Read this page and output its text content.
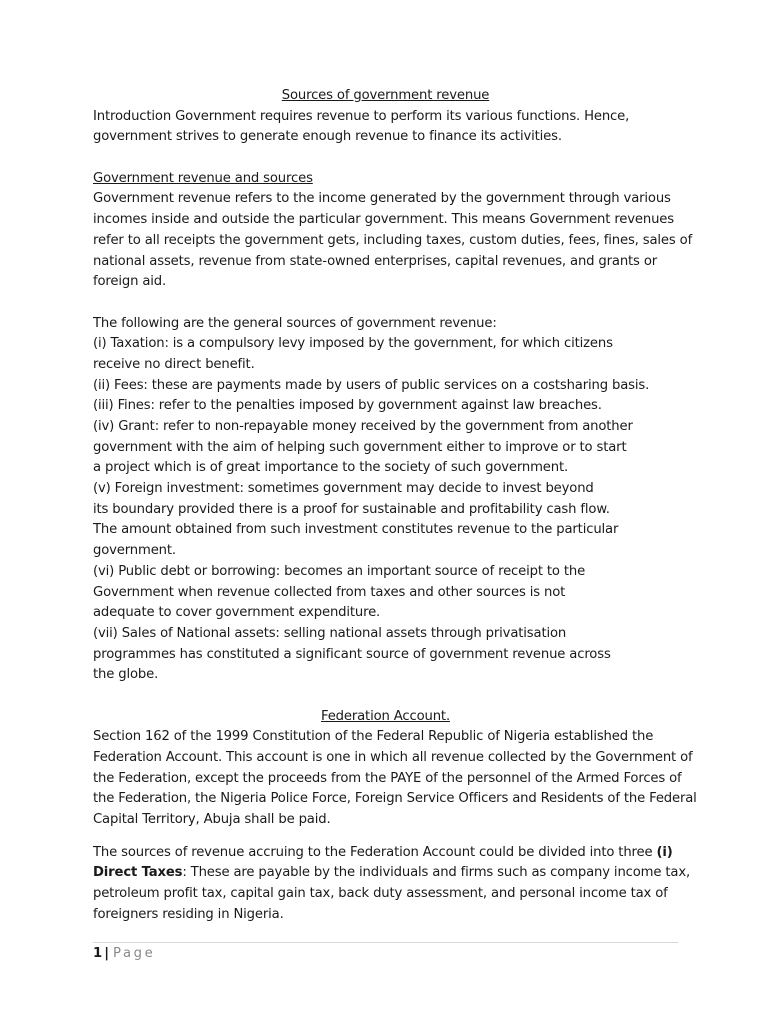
Sources of government revenue
Introduction Government requires revenue to perform its various functions. Hence,
government strives to generate enough revenue to finance its activities.
Government revenue and sources
Government revenue refers to the income generated by the government through various
incomes inside and outside the particular government. This means Government revenues
refer to all receipts the government gets, including taxes, custom duties, fees, fines, sales of
national assets, revenue from state-owned enterprises, capital revenues, and grants or
foreign aid.
The following are the general sources of government revenue:
(i) Taxation: is a compulsory levy imposed by the government, for which citizens
receive no direct benefit.
(ii) Fees: these are payments made by users of public services on a costsharing basis.
(iii) Fines: refer to the penalties imposed by government against law breaches.
(iv) Grant: refer to non-repayable money received by the government from another
government with the aim of helping such government either to improve or to start
a project which is of great importance to the society of such government.
(v) Foreign investment: sometimes government may decide to invest beyond
its boundary provided there is a proof for sustainable and profitability cash flow.
The amount obtained from such investment constitutes revenue to the particular
government.
(vi) Public debt or borrowing: becomes an important source of receipt to the
Government when revenue collected from taxes and other sources is not
adequate to cover government expenditure.
(vii) Sales of National assets: selling national assets through privatisation
programmes has constituted a significant source of government revenue across
the globe.
Federation Account.
Section 162 of the 1999 Constitution of the Federal Republic of Nigeria established the
Federation Account. This account is one in which all revenue collected by the Government of
the Federation, except the proceeds from the PAYE of the personnel of the Armed Forces of
the Federation, the Nigeria Police Force, Foreign Service Officers and Residents of the Federal
Capital Territory, Abuja shall be paid.
The sources of revenue accruing to the Federation Account could be divided into three (i)
Direct Taxes: These are payable by the individuals and firms such as company income tax,
petroleum profit tax, capital gain tax, back duty assessment, and personal income tax of
foreigners residing in Nigeria.
1 | Page
